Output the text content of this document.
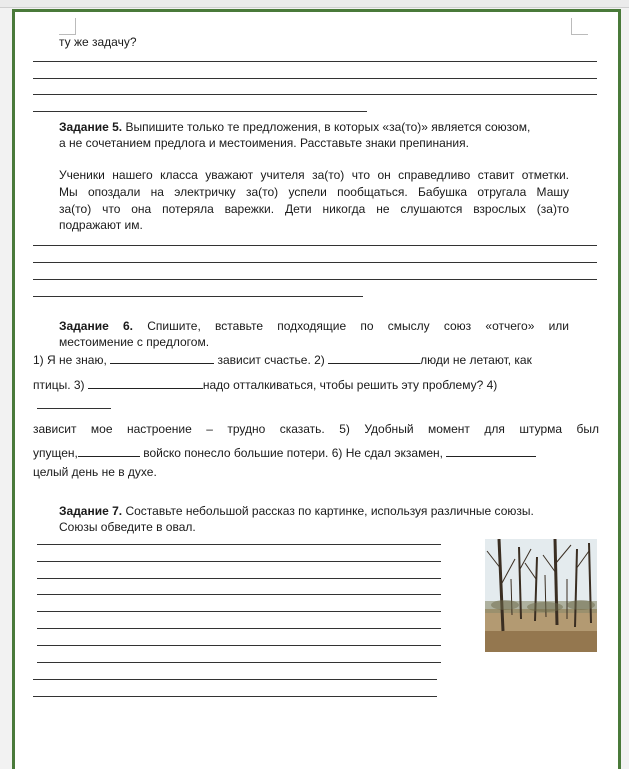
ту же задачу?
Задание 5. Выпишите только те предложения, в которых «за(то)» является союзом,
а не сочетанием предлога и местоимения. Расставьте знаки препинания.
Ученики нашего класса уважают учителя за(то) что он справедливо ставит отметки.
Мы опоздали на электричку за(то) успели пообщаться. Бабушка отругала Машу
за(то) что она потеряла варежки. Дети никогда не слушаются взрослых (за)то
подражают им.
Задание 6. Спишите, вставьте подходящие по смыслу союз «отчего» или
местоимение с предлогом.
1) Я не знаю,	зависит счастье. 2)	люди не летают, как
птицы. 3)	надо отталкиваться, чтобы решить эту проблему? 4)
зависит мое настроение – трудно сказать. 5) Удобный момент для штурма был
упущен,	войско понесло большие потери. 6) Не сдал экзамен,
целый день не в духе.
Задание 7. Составьте небольшой рассказ по картинке, используя различные союзы.
Союзы обведите в овал.
